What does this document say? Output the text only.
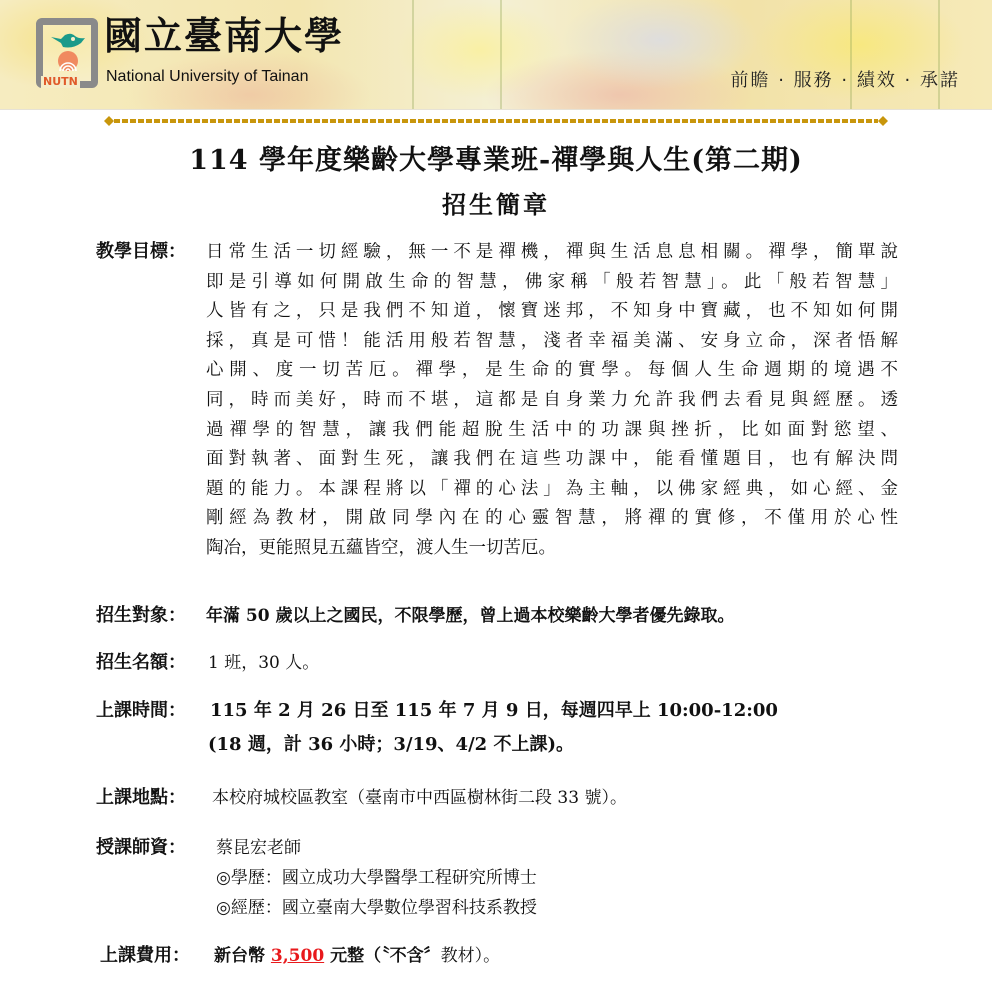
NUTN
國立臺南大學
National University of Tainan	前瞻 · 服務 · 績效 · 承諾
114 學年度樂齡大學專業班-禪學與人生(第二期)
招生簡章
教學目標： 日常生活一切經驗，無一不是禪機，禪與生活息息相關。禪學，簡單說
即是引導如何開啟生命的智慧，佛家稱「般若智慧」。此「般若智慧」
人皆有之，只是我們不知道，懷寶迷邦，不知身中寶藏，也不知如何開
採，真是可惜！能活用般若智慧，淺者幸福美滿、安身立命，深者悟解
心開、度一切苦厄。禪學，是生命的實學。每個人生命週期的境遇不
同，時而美好，時而不堪，這都是自身業力允許我們去看見與經歷。透
過禪學的智慧，讓我們能超脫生活中的功課與挫折，比如面對慾望、
面對執著、面對生死，讓我們在這些功課中，能看懂題目，也有解決問
題的能力。本課程將以「禪的心法」為主軸，以佛家經典，如心經、金
剛經為教材，開啟同學內在的心靈智慧，將禪的實修，不僅用於心性
陶冶，更能照見五蘊皆空，渡人生一切苦厄。
招生對象： 年滿 50 歲以上之國民，不限學歷，曾上過本校樂齡大學者優先錄取。
招生名額： 1 班，30 人。
上課時間： 115 年 2 月 26 日至 115 年 7 月 9 日，每週四早上 10:00-12:00
(18 週，計 36 小時；3/19、4/2 不上課)。
上課地點： 本校府城校區教室（臺南市中西區樹林街二段 33 號）。
授課師資： 蔡昆宏老師
◎學歷：國立成功大學醫學工程研究所博士
◎經歷：國立臺南大學數位學習科技系教授
上課費用： 新台幣 3,500 元整（〝不含〞教材）。
